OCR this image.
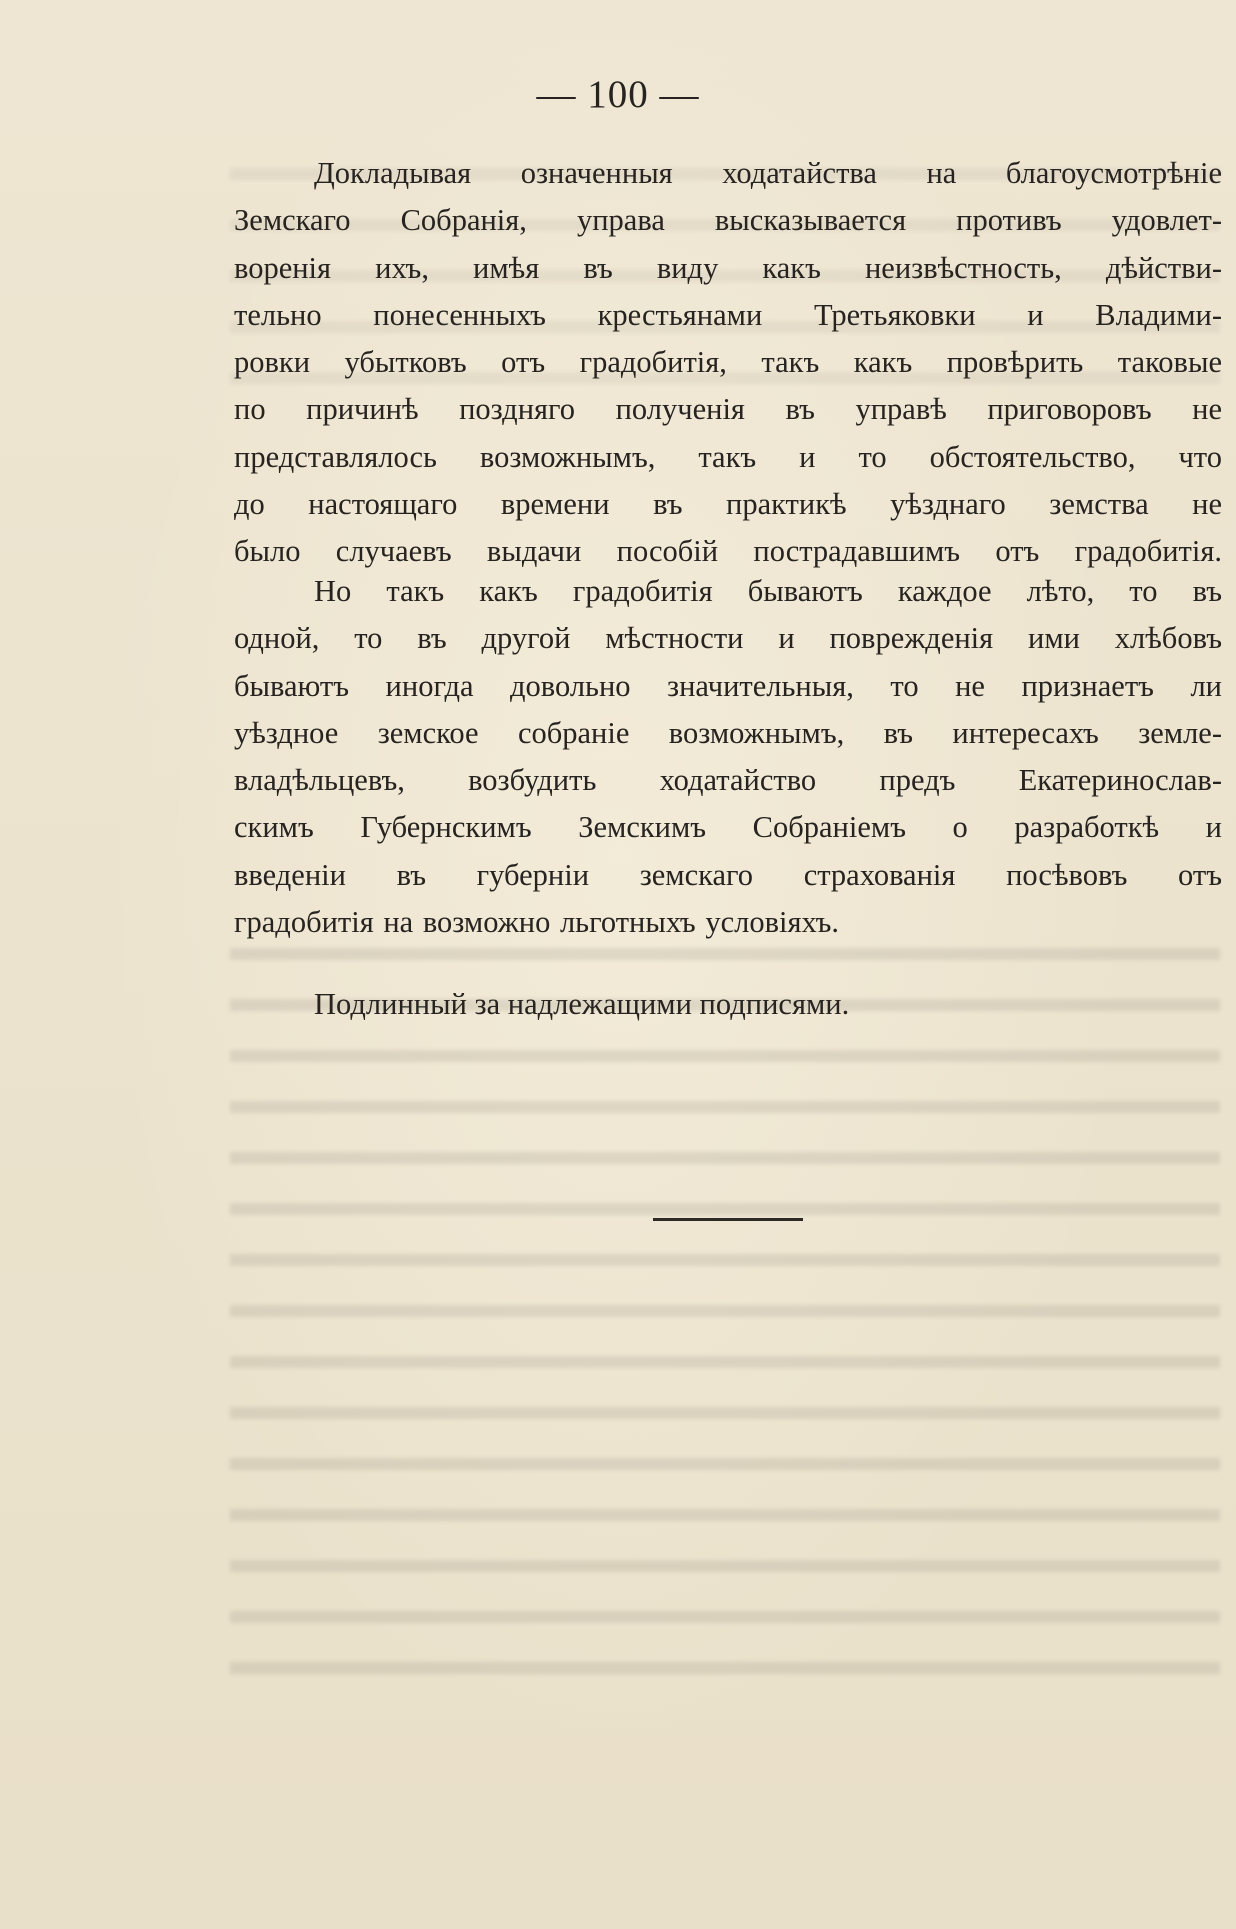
— 100 —
Докладывая означенныя ходатайства на благоусмотрѣніе
Земскаго Собранія, управа высказывается противъ удовлет-
воренія ихъ, имѣя въ виду какъ неизвѣстность, дѣйстви-
тельно понесенныхъ крестьянами Третьяковки и Владими-
ровки убытковъ отъ градобитія, такъ какъ провѣрить таковые
по причинѣ поздняго полученія въ управѣ приговоровъ не
представлялось возможнымъ, такъ и то обстоятельство, что
до настоящаго времени въ практикѣ уѣзднаго земства не
было случаевъ выдачи пособій пострадавшимъ отъ градобитія.
Но такъ какъ градобитія бываютъ каждое лѣто, то въ
одной, то въ другой мѣстности и поврежденія ими хлѣбовъ
бываютъ иногда довольно значительныя, то не признаетъ ли
уѣздное земское собраніе возможнымъ, въ интересахъ земле-
владѣльцевъ, возбудить ходатайство предъ Екатеринослав-
скимъ Губернскимъ Земскимъ Собраніемъ о разработкѣ и
введеніи въ губерніи земскаго страхованія посѣвовъ отъ
градобитія на возможно льготныхъ условіяхъ.
Подлинный за надлежащими подписями.
